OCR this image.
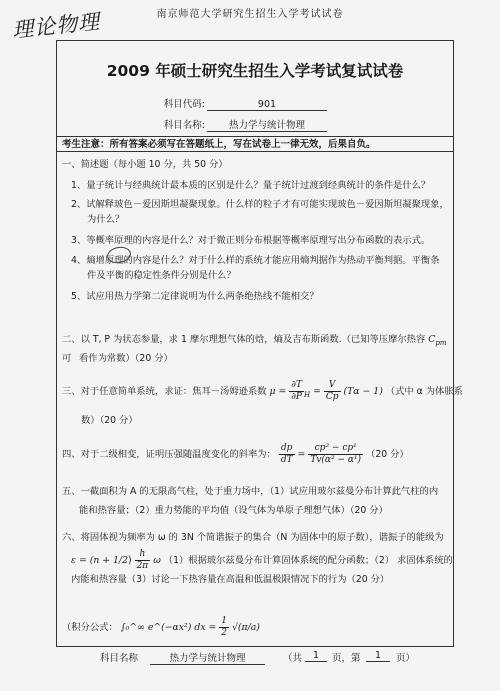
理论物理	南京师范大学研究生招生入学考试试卷
2009 年硕士研究生招生入学考试复试试卷
科目代码:	901
科目名称:	热力学与统计物理
考生注意：所有答案必须写在答题纸上，写在试卷上一律无效，后果自负。
一、简述题（每小题 10 分，共 50 分）
1、量子统计与经典统计最本质的区别是什么？量子统计过渡到经典统计的条件是什么？
2、试解释玻色－爱因斯坦凝聚现象。什么样的粒子才有可能实现玻色－爱因斯坦凝聚现象，
为什么？
3、等概率原理的内容是什么？对于微正则分布根据等概率原理写出分布函数的表示式。
4、熵增原理的内容是什么？对于什么样的系统才能应用熵判据作为热动平衡判据。平衡条
件及平衡的稳定性条件分别是什么？
5、试应用热力学第二定律说明为什么两条绝热线不能相交？
二、以 T, P 为状态参量，求 1 摩尔理想气体的焓，熵及吉布斯函数.（已知等压摩尔热容 $C_{pm}$ 可 看作为常数）（20 分）
三、对于任意简单系统，求证：焦耳－汤姆逊系数 $\mu = \frac{\partial T}{\partial P} _H = \frac{V}{Cp} (T\alpha - 1)$ （式中 α 为体胀系
数）（20 分）
四、对于二级相变，证明压强随温度变化的斜率为： $\frac{dp}{dT} = \frac{\text{cp² − cp¹}}{\text{Tv(α² − α¹)}} (20$ 分）
五、一截面积为 A 的无限高气柱，处于重力场中，（1）试应用玻尔兹曼分布计算此气柱的内
能和热容量；（2）重力势能的平均值（设气体为单原子理想气体）（20 分）
六、将固体视为频率为 ω 的 3N 个简谐振子的集合（N 为固体中的原子数），谐振子的能级为
$\varepsilon = (n + 1/2) \frac{h}{2\pi}$ ω （1）根据玻尔兹曼分布计算固体系统的配分函数；（2） 求固体系统的
内能和热容量（3）讨论一下热容量在高温和低温极限情况下的行为（20 分）
（积分公式： ∫₀^∞ e^(−αx²) dx = $\frac{1}{2} √(\pi/a)$
科目名称	热力学与统计物理	（共	1	页，第	1	页）
